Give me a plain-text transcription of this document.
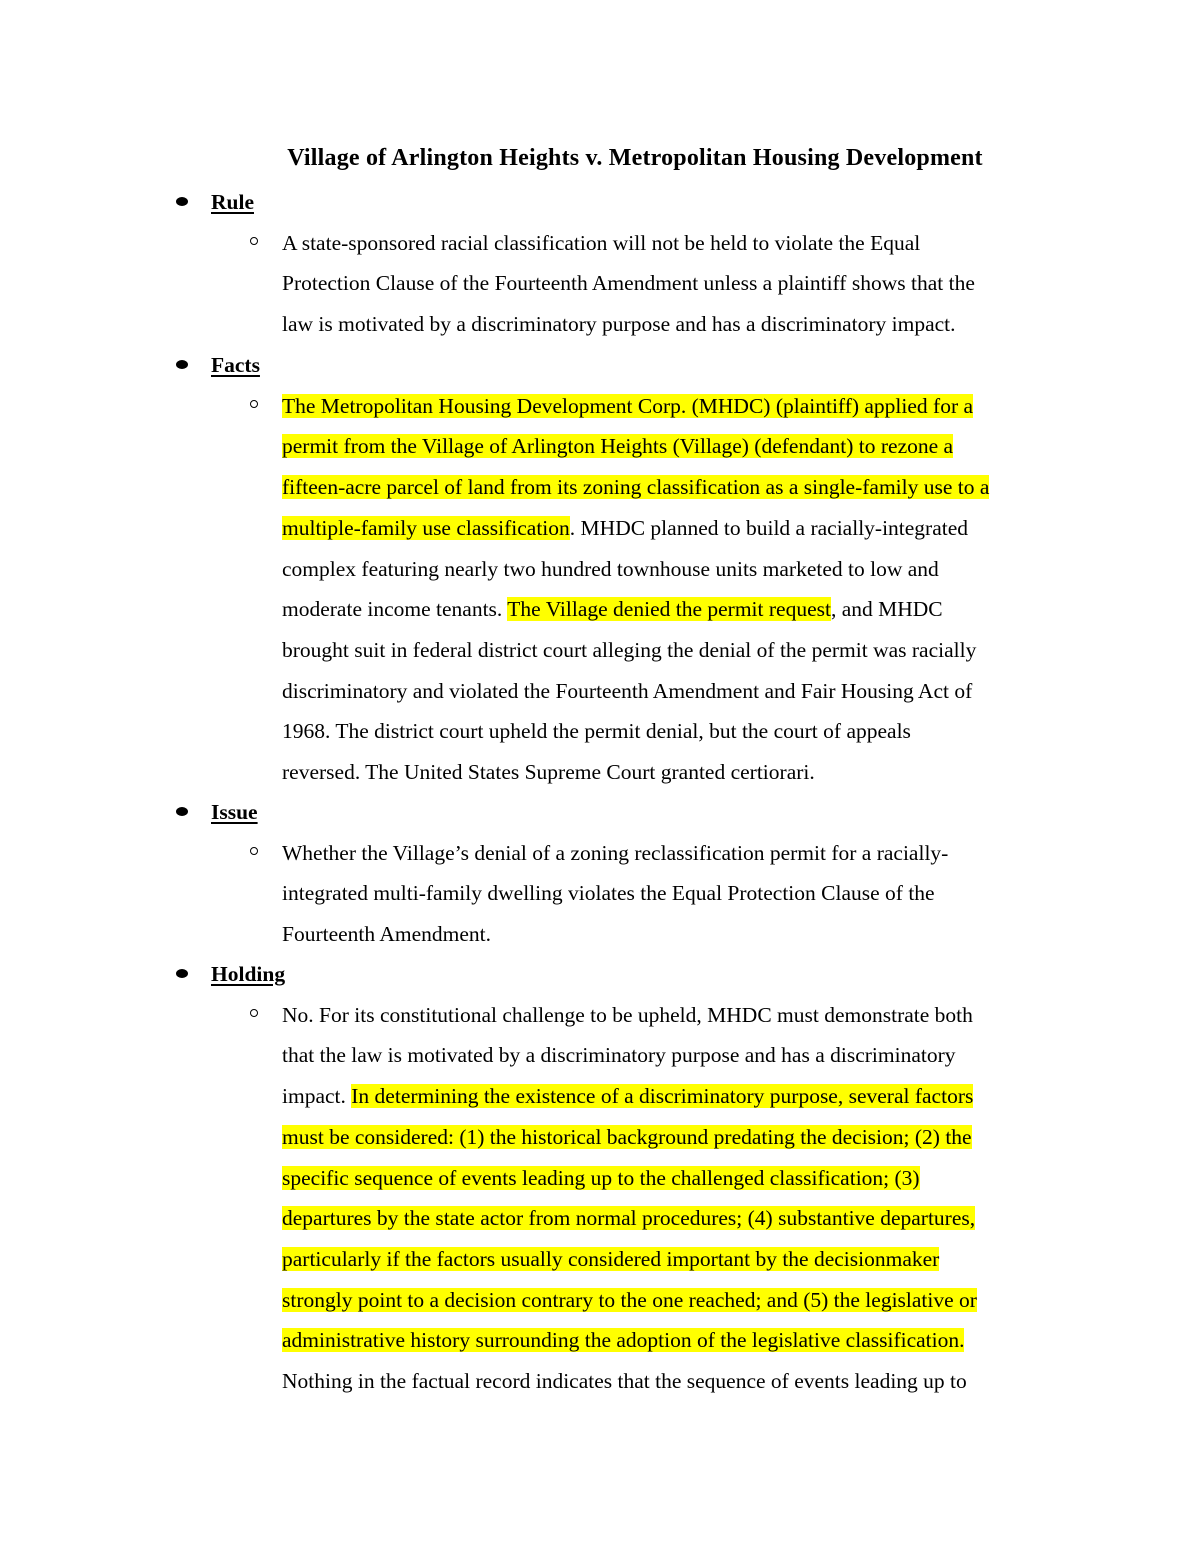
Village of Arlington Heights v. Metropolitan Housing Development
Rule

A state-sponsored racial classification will not be held to violate the Equal
Protection Clause of the Fourteenth Amendment unless a plaintiff shows that the
law is motivated by a discriminatory purpose and has a discriminatory impact.

Facts

The Metropolitan Housing Development Corp. (MHDC) (plaintiff) applied for a
permit from the Village of Arlington Heights (Village) (defendant) to rezone a
fifteen-acre parcel of land from its zoning classification as a single-family use to a
multiple-family use classification. MHDC planned to build a racially-integrated
complex featuring nearly two hundred townhouse units marketed to low and
moderate income tenants. The Village denied the permit request, and MHDC
brought suit in federal district court alleging the denial of the permit was racially
discriminatory and violated the Fourteenth Amendment and Fair Housing Act of
1968. The district court upheld the permit denial, but the court of appeals
reversed. The United States Supreme Court granted certiorari.

Issue

Whether the Village’s denial of a zoning reclassification permit for a racially-
integrated multi-family dwelling violates the Equal Protection Clause of the
Fourteenth Amendment.

Holding

No. For its constitutional challenge to be upheld, MHDC must demonstrate both
that the law is motivated by a discriminatory purpose and has a discriminatory
impact. In determining the existence of a discriminatory purpose, several factors
must be considered: (1) the historical background predating the decision; (2) the
specific sequence of events leading up to the challenged classification; (3)
departures by the state actor from normal procedures; (4) substantive departures,
particularly if the factors usually considered important by the decisionmaker
strongly point to a decision contrary to the one reached; and (5) the legislative or
administrative history surrounding the adoption of the legislative classification.
Nothing in the factual record indicates that the sequence of events leading up to
